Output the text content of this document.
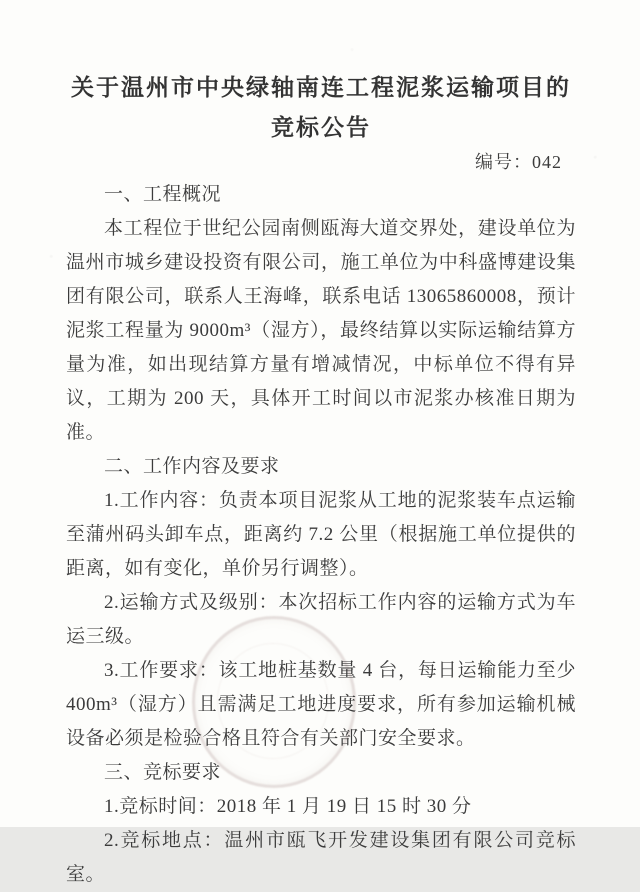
关于温州市中央绿轴南连工程泥浆运输项目的
竞标公告
编号：042

一、工程概况

本工程位于世纪公园南侧瓯海大道交界处，建设单位为温州市城乡建设投资有限公司，施工单位为中科盛博建设集团有限公司，联系人王海峰，联系电话 13065860008，预计泥浆工程量为 9000m³（湿方），最终结算以实际运输结算方量为准，如出现结算方量有增减情况，中标单位不得有异议，工期为 200 天，具体开工时间以市泥浆办核准日期为准。

二、工作内容及要求

1.工作内容：负责本项目泥浆从工地的泥浆装车点运输至蒲州码头卸车点，距离约 7.2 公里（根据施工单位提供的距离，如有变化，单价另行调整）。

2.运输方式及级别：本次招标工作内容的运输方式为车运三级。

3.工作要求：该工地桩基数量 4 台，每日运输能力至少 400m³（湿方）且需满足工地进度要求，所有参加运输机械设备必须是检验合格且符合有关部门安全要求。

三、竞标要求

1.竞标时间：2018 年 1 月 19 日 15 时 30 分

2.竞标地点：温州市瓯飞开发建设集团有限公司竞标室。
